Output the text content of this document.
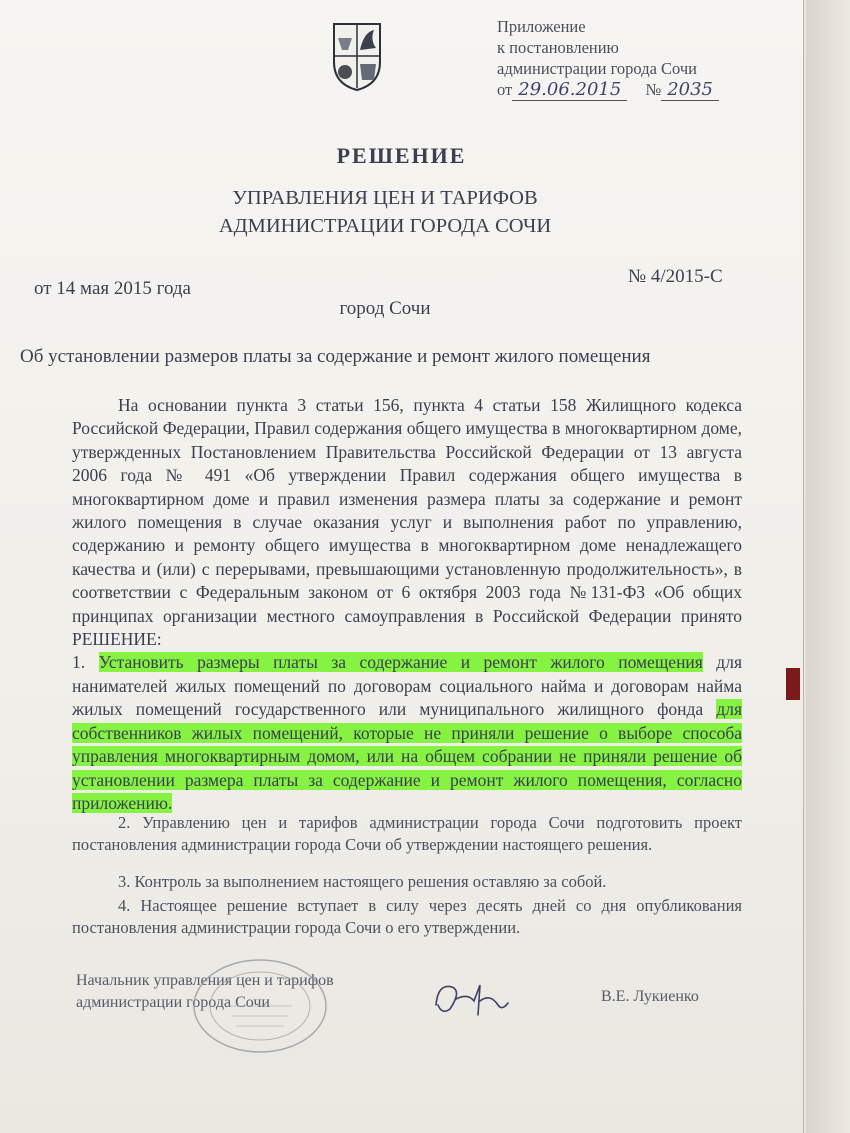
Приложение
к постановлению
администрации города Сочи
от 29.06.2015 № 2035
РЕШЕНИЕ
УПРАВЛЕНИЯ ЦЕН И ТАРИФОВ
АДМИНИСТРАЦИИ ГОРОДА СОЧИ
от 14 мая 2015 года
№ 4/2015-С
город Сочи
Об установлении размеров платы за содержание и ремонт жилого помещения
На основании пункта 3 статьи 156, пункта 4 статьи 158 Жилищного кодекса Российской Федерации, Правил содержания общего имущества в многоквартирном доме, утвержденных Постановлением Правительства Российской Федерации от 13 августа 2006 года № 491 «Об утверждении Правил содержания общего имущества в многоквартирном доме и правил изменения размера платы за содержание и ремонт жилого помещения в случае оказания услуг и выполнения работ по управлению, содержанию и ремонту общего имущества в многоквартирном доме ненадлежащего качества и (или) с перерывами, превышающими установленную продолжительность», в соответствии с Федеральным законом от 6 октября 2003 года №131-ФЗ «Об общих принципах организации местного самоуправления в Российской Федерации принято РЕШЕНИЕ:
1. Установить размеры платы за содержание и ремонт жилого помещения для нанимателей жилых помещений по договорам социального найма и договорам найма жилых помещений государственного или муниципального жилищного фонда для собственников жилых помещений, которые не приняли решение о выборе способа управления многоквартирным домом, или на общем собрании не приняли решение об установлении размера платы за содержание и ремонт жилого помещения, согласно приложению.
2. Управлению цен и тарифов администрации города Сочи подготовить проект постановления администрации города Сочи об утверждении настоящего решения.
3. Контроль за выполнением настоящего решения оставляю за собой.
4. Настоящее решение вступает в силу через десять дней со дня опубликования постановления администрации города Сочи о его утверждении.
Начальник управления цен и тарифов
администрации города Сочи	В.Е. Лукиенко
